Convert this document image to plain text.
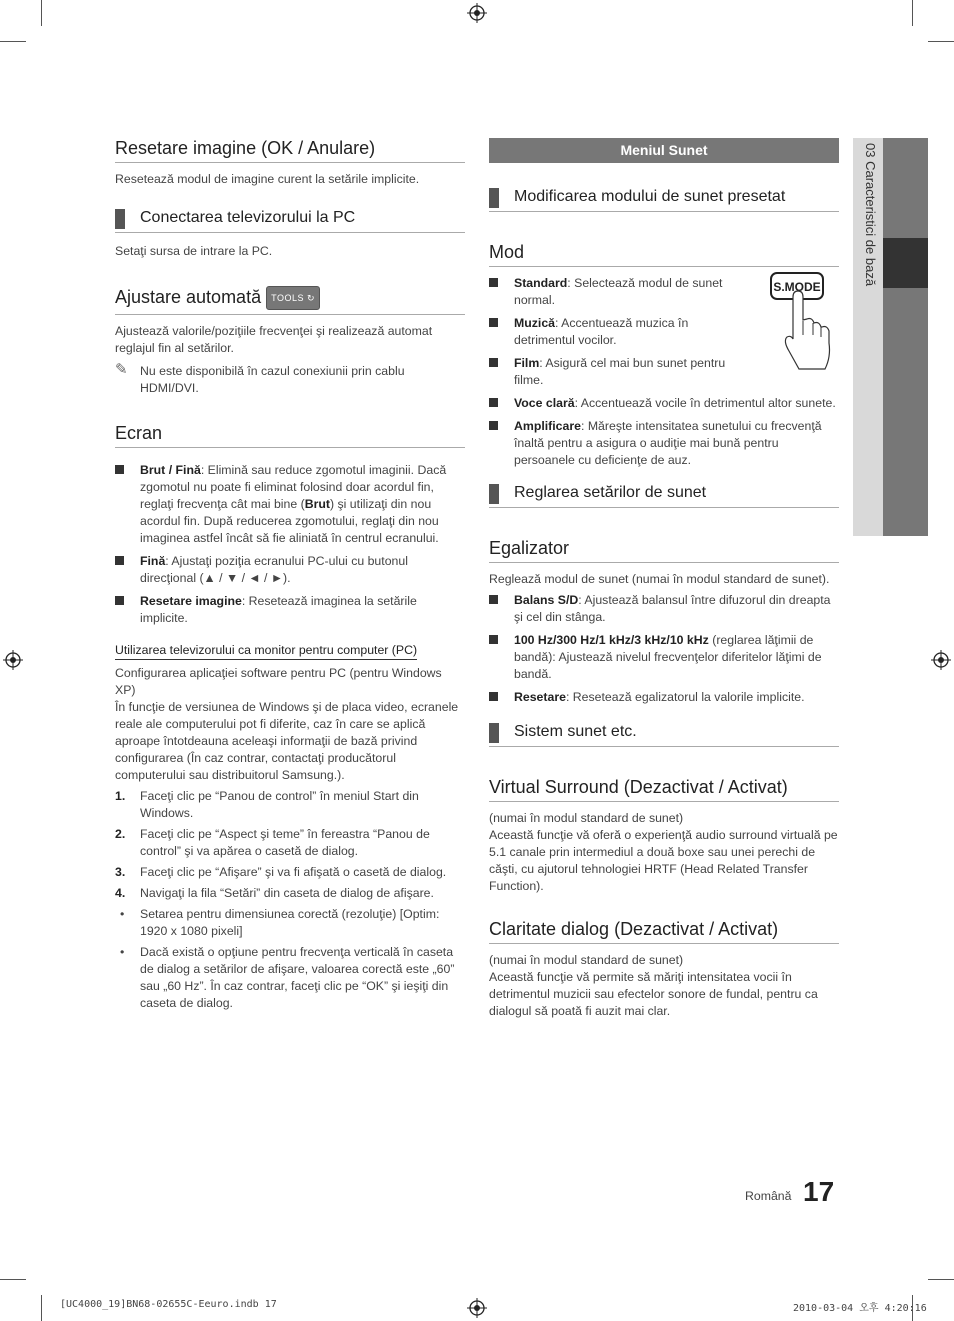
03 Caracteristici de bază
Resetare imagine (OK / Anulare)
Resetează modul de imagine curent la setările implicite.
Conectarea televizorului la PC
Setaţi sursa de intrare la PC.
Ajustare automată TOOLS ↻
Ajustează valorile/poziţiile frecvenţei şi realizează automat reglajul fin al setărilor.
✎ Nu este disponibilă în cazul conexiunii prin cablu HDMI/DVI.
Ecran
Brut / Fină: Elimină sau reduce zgomotul imaginii. Dacă zgomotul nu poate fi eliminat folosind doar acordul fin, reglaţi frecvenţa cât mai bine (Brut) şi utilizaţi din nou acordul fin. După reducerea zgomotului, reglaţi din nou imaginea astfel încât să fie aliniată în centrul ecranului.
Fină: Ajustaţi poziţia ecranului PC-ului cu butonul direcţional (▲ / ▼ / ◄ / ►).
Resetare imagine: Resetează imaginea la setările implicite.
Utilizarea televizorului ca monitor pentru computer (PC)
Configurarea aplicaţiei software pentru PC (pentru Windows XP)
În funcţie de versiunea de Windows şi de placa video, ecranele reale ale computerului pot fi diferite, caz în care se aplică aproape întotdeauna aceleaşi informaţii de bază privind configurarea (În caz contrar, contactaţi producătorul computerului sau distribuitorul Samsung.).
1. Faceţi clic pe “Panou de control” în meniul Start din Windows.
2. Faceţi clic pe “Aspect şi teme” în fereastra “Panou de control” şi va apărea o casetă de dialog.
3. Faceţi clic pe “Afişare” şi va fi afişată o casetă de dialog.
4. Navigaţi la fila “Setări” din caseta de dialog de afişare.
• Setarea pentru dimensiunea corectă (rezoluţie) [Optim: 1920 x 1080 pixeli]
• Dacă există o opţiune pentru frecvenţa verticală în caseta de dialog a setărilor de afişare, valoarea corectă este „60” sau „60 Hz”. În caz contrar, faceţi clic pe “OK” şi ieşiţi din caseta de dialog.
Meniul Sunet
Modificarea modului de sunet presetat
Mod
S.MODE
Standard: Selectează modul de sunet normal.
Muzică: Accentuează muzica în detrimentul vocilor.
Film: Asigură cel mai bun sunet pentru filme.
Voce clară: Accentuează vocile în detrimentul altor sunete.
Amplificare: Măreşte intensitatea sunetului cu frecvenţă înaltă pentru a asigura o audiţie mai bună pentru persoanele cu deficienţe de auz.
Reglarea setărilor de sunet
Egalizator
Reglează modul de sunet (numai în modul standard de sunet).
Balans S/D: Ajustează balansul între difuzorul din dreapta şi cel din stânga.
100 Hz/300 Hz/1 kHz/3 kHz/10 kHz (reglarea lăţimii de bandă): Ajustează nivelul frecvenţelor diferitelor lăţimi de bandă.
Resetare: Resetează egalizatorul la valorile implicite.
Sistem sunet etc.
Virtual Surround (Dezactivat / Activat)
(numai în modul standard de sunet)
Această funcţie vă oferă o experienţă audio surround virtuală pe 5.1 canale prin intermediul a două boxe sau unei perechi de căşti, cu ajutorul tehnologiei HRTF (Head Related Transfer Function).
Claritate dialog (Dezactivat / Activat)
(numai în modul standard de sunet)
Această funcţie vă permite să măriţi intensitatea vocii în detrimentul muzicii sau efectelor sonore de fundal, pentru ca dialogul să poată fi auzit mai clar.
Română 17
[UC4000_19]BN68-02655C-Eeuro.indb 17	2010-03-04 오후 4:20:16
